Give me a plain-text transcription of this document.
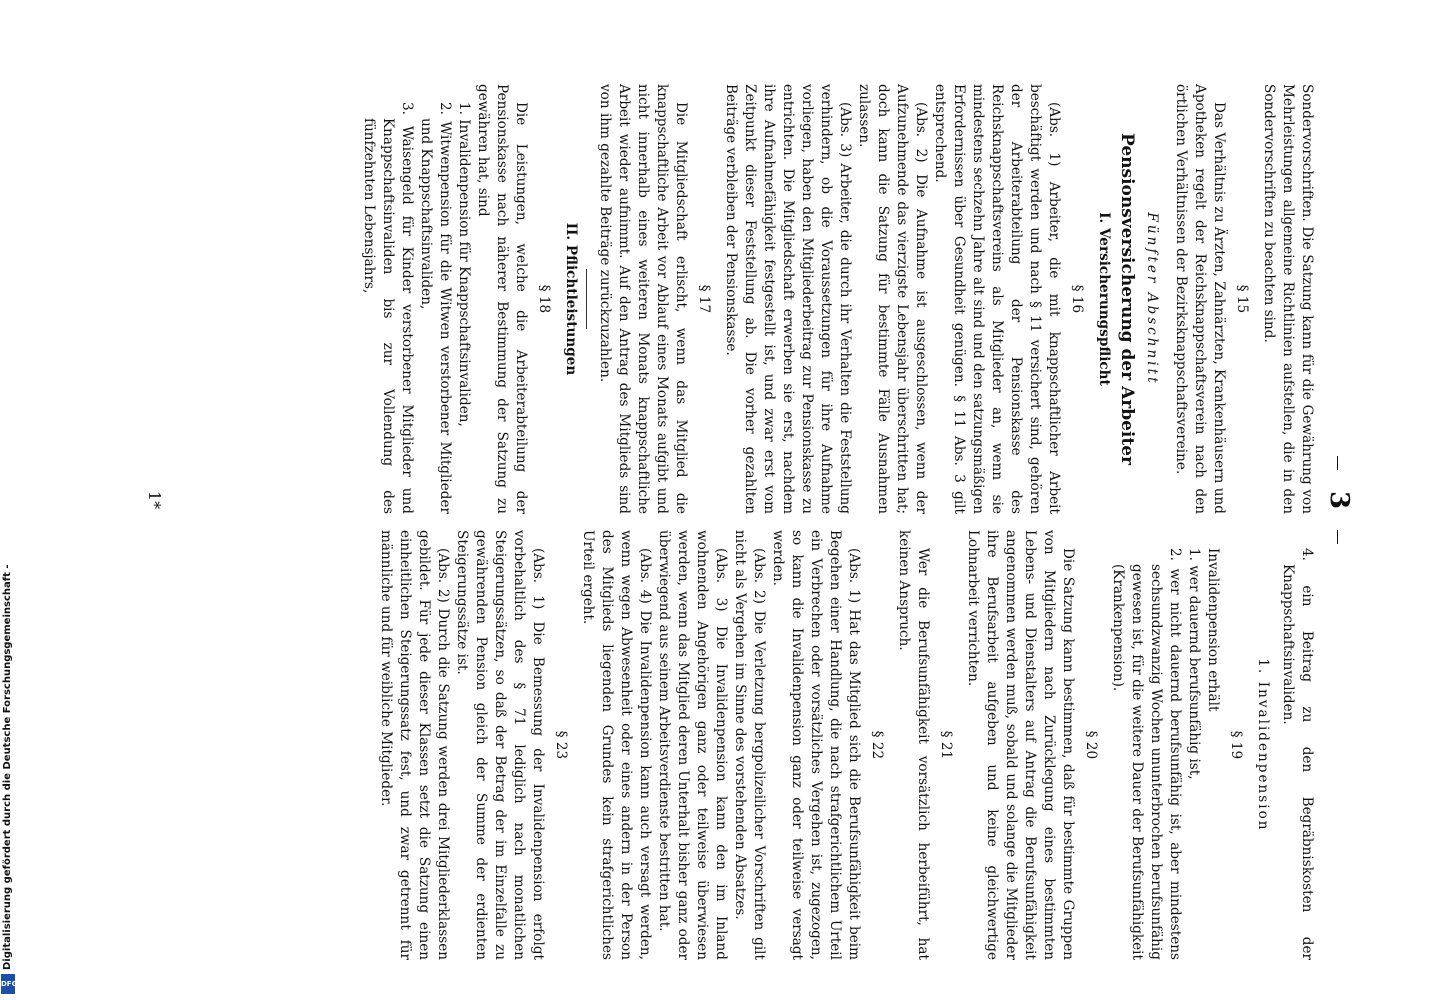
3

Sondervorschriften. Die Satzung kann für die Gewährung von Mehrleistungen allgemeine Richtlinien aufstellen, die in den Sondervorschriften zu beachten sind.

§ 15

Das Verhältnis zu Ärzten, Zahnärzten, Krankenhäusern und Apotheken regelt der Reichsknappschaftsverein nach den örtlichen Verhältnissen der Bezirksknappschaftsvereine.

Fünfter Abschnitt
Pensionsversicherung der Arbeiter
I. Versicherungspflicht
§ 16

(Abs. 1) Arbeiter, die mit knappschaftlicher Arbeit beschäftigt werden und nach § 11 versichert sind, gehören der Arbeiterabteilung der Pensionskasse des Reichsknappschaftsvereins als Mitglieder an, wenn sie mindestens sechzehn Jahre alt sind und den satzungsmäßigen Erfordernissen über Gesundheit genügen. § 11 Abs. 3 gilt entsprechend.

(Abs. 2) Die Aufnahme ist ausgeschlossen, wenn der Aufzunehmende das vierzigste Lebensjahr überschritten hat; doch kann die Satzung für bestimmte Fälle Ausnahmen zulassen.

(Abs. 3) Arbeiter, die durch ihr Verhalten die Feststellung verhindern, ob die Voraussetzungen für ihre Aufnahme vorliegen, haben den Mitgliederbeitrag zur Pensionskasse zu entrichten. Die Mitgliedschaft erwerben sie erst, nachdem ihre Aufnahmefähigkeit festgestellt ist, und zwar erst vom Zeitpunkt dieser Feststellung ab. Die vorher gezahlten Beiträge verbleiben der Pensionskasse.

§ 17

Die Mitgliedschaft erlischt, wenn das Mitglied die knappschaftliche Arbeit vor Ablauf eines Monats aufgibt und nicht innerhalb eines weiteren Monats knappschaftliche Arbeit wieder aufnimmt. Auf den Antrag des Mitglieds sind von ihm gezahlte Beiträge zurückzuzahlen.

II. Pflichtleistungen
§ 18

Die Leistungen, welche die Arbeiterabteilung der Pensionskasse nach näherer Bestimmung der Satzung zu gewähren hat, sind

1. Invalidenpension für Knappschaftsinvaliden,

2. Witwenpension für die Witwen verstorbener Mitglieder und Knappschaftsinvaliden,

3. Waisengeld für Kinder verstorbener Mitglieder und Knappschaftsinvaliden bis zur Vollendung des fünfzehnten Lebensjahrs,

4. ein Beitrag zu den Begräbniskosten der Knappschaftsinvaliden.

1. Invalidenpension
§ 19

Invalidenpension erhält

1. wer dauernd berufsunfähig ist,

2. wer nicht dauernd berufsunfähig ist, aber mindestens sechsundzwanzig Wochen ununterbrochen berufsunfähig gewesen ist, für die weitere Dauer der Berufsunfähigkeit (Krankenpension).

§ 20

Die Satzung kann bestimmen, daß für bestimmte Gruppen von Mitgliedern nach Zurücklegung eines bestimmten Lebens- und Dienstalters auf Antrag die Berufsunfähigkeit angenommen werden muß, sobald und solange die Mitglieder ihre Berufsarbeit aufgeben und keine gleichwertige Lohnarbeit verrichten.

§ 21

Wer die Berufsunfähigkeit vorsätzlich herbeiführt, hat keinen Anspruch.

§ 22

(Abs. 1) Hat das Mitglied sich die Berufsunfähigkeit beim Begehen einer Handlung, die nach strafgerichtlichem Urteil ein Verbrechen oder vorsätzliches Vergehen ist, zugezogen, so kann die Invalidenpension ganz oder teilweise versagt werden.

(Abs. 2) Die Verletzung bergpolizeilicher Vorschriften gilt nicht als Vergehen im Sinne des vorstehenden Absatzes.

(Abs. 3) Die Invalidenpension kann den im Inland wohnenden Angehörigen ganz oder teilweise überwiesen werden, wenn das Mitglied deren Unterhalt bisher ganz oder überwiegend aus seinem Arbeitsverdienste bestritten hat.

(Abs. 4) Die Invalidenpension kann auch versagt werden, wenn wegen Abwesenheit oder eines andern in der Person des Mitglieds liegenden Grundes kein strafgerichtliches Urteil ergeht.

§ 23

(Abs. 1) Die Bemessung der Invalidenpension erfolgt vorbehaltlich des § 71 lediglich nach monatlichen Steigerungssätzen, so daß der Betrag der im Einzelfalle zu gewährenden Pension gleich der Summe der erdienten Steigerungssätze ist.

(Abs. 2) Durch die Satzung werden drei Mitgliederklassen gebildet. Für jede dieser Klassen setzt die Satzung einen einheitlichen Steigerungssatz fest, und zwar getrennt für männliche und für weibliche Mitglieder.

1*
Digitalisierung gefördert durch die Deutsche Forschungsgemeinschaft -
DFG
